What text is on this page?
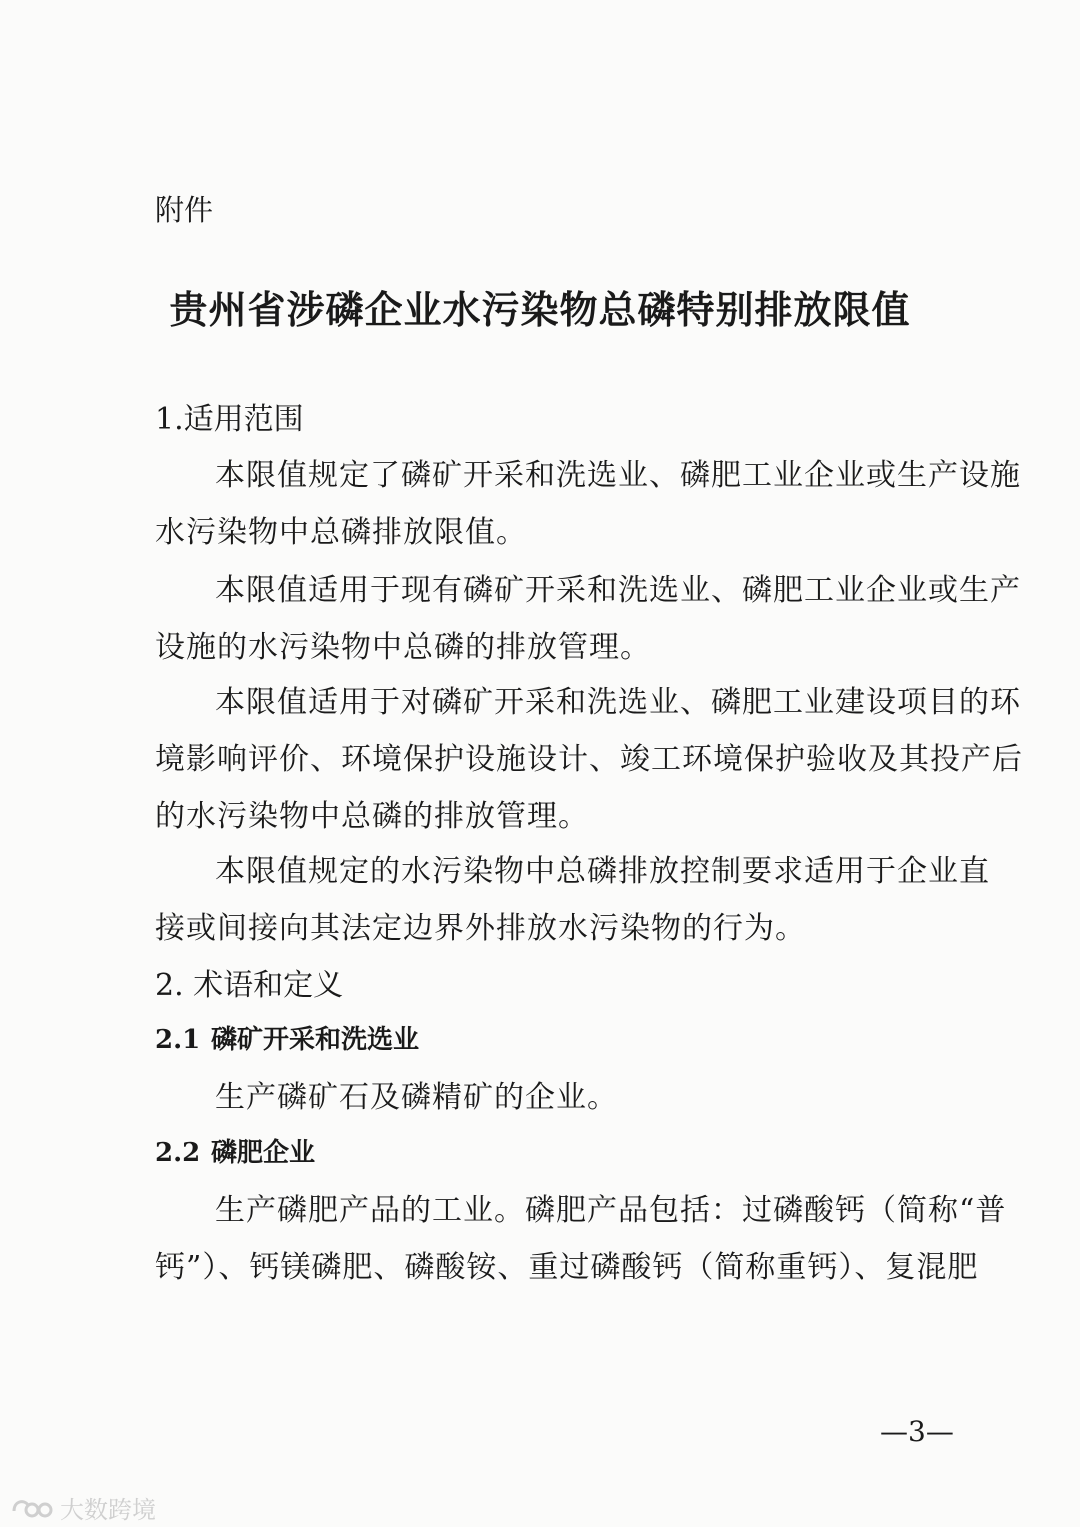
附件
贵州省涉磷企业水污染物总磷特别排放限值
1.适用范围
本限值规定了磷矿开采和洗选业、磷肥工业企业或生产设施
水污染物中总磷排放限值。
本限值适用于现有磷矿开采和洗选业、磷肥工业企业或生产
设施的水污染物中总磷的排放管理。
本限值适用于对磷矿开采和洗选业、磷肥工业建设项目的环
境影响评价、环境保护设施设计、竣工环境保护验收及其投产后
的水污染物中总磷的排放管理。
本限值规定的水污染物中总磷排放控制要求适用于企业直
接或间接向其法定边界外排放水污染物的行为。
2. 术语和定义
2.1 磷矿开采和洗选业
生产磷矿石及磷精矿的企业。
2.2 磷肥企业
生产磷肥产品的工业。磷肥产品包括：过磷酸钙（简称“普
钙”）、钙镁磷肥、磷酸铵、重过磷酸钙（简称重钙）、复混肥
—3—
大数跨境
